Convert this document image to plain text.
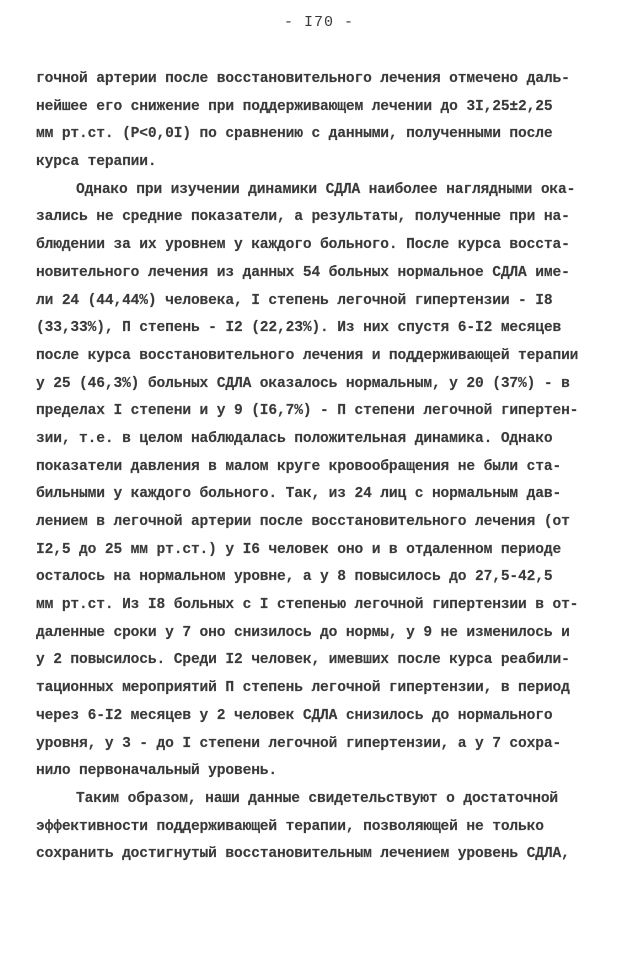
- I70 -
гочной артерии после восстановительного лечения отмечено даль-
нейшее его снижение при поддерживающем лечении до 3I,25±2,25
мм рт.ст. (Р<0,0I) по сравнению с данными, полученными после
курса терапии.
Однако при изучении динамики СДЛА наиболее наглядными ока-
зались не средние показатели, а результаты, полученные при на-
блюдении за их уровнем у каждого больного. После курса восста-
новительного лечения из данных 54 больных нормальное СДЛА име-
ли 24 (44,44%) человека, I степень легочной гипертензии - I8
(33,33%), П степень - I2 (22,23%). Из них спустя 6-I2 месяцев
после курса восстановительного лечения и поддерживающей терапии
у 25 (46,3%) больных СДЛА оказалось нормальным, у 20 (37%) - в
пределах I степени и у 9 (I6,7%) - П степени легочной гипертен-
зии, т.е. в целом наблюдалась положительная динамика. Однако
показатели давления в малом круге кровообращения не были ста-
бильными у каждого больного. Так, из 24 лиц с нормальным дав-
лением в легочной артерии после восстановительного лечения (от
I2,5 до 25 мм рт.ст.) у I6 человек оно и в отдаленном периоде
осталось на нормальном уровне, а у 8 повысилось до 27,5-42,5
мм рт.ст. Из I8 больных с I степенью легочной гипертензии в от-
даленные сроки у 7 оно снизилось до нормы, у 9 не изменилось и
у 2 повысилось. Среди I2 человек, имевших после курса реабили-
тационных мероприятий П степень легочной гипертензии, в период
через 6-I2 месяцев у 2 человек СДЛА снизилось до нормального
уровня, у 3 - до I степени легочной гипертензии, а у 7 сохра-
нило первоначальный уровень.
Таким образом, наши данные свидетельствуют о достаточной
эффективности поддерживающей терапии, позволяющей не только
сохранить достигнутый восстановительным лечением уровень СДЛА,
